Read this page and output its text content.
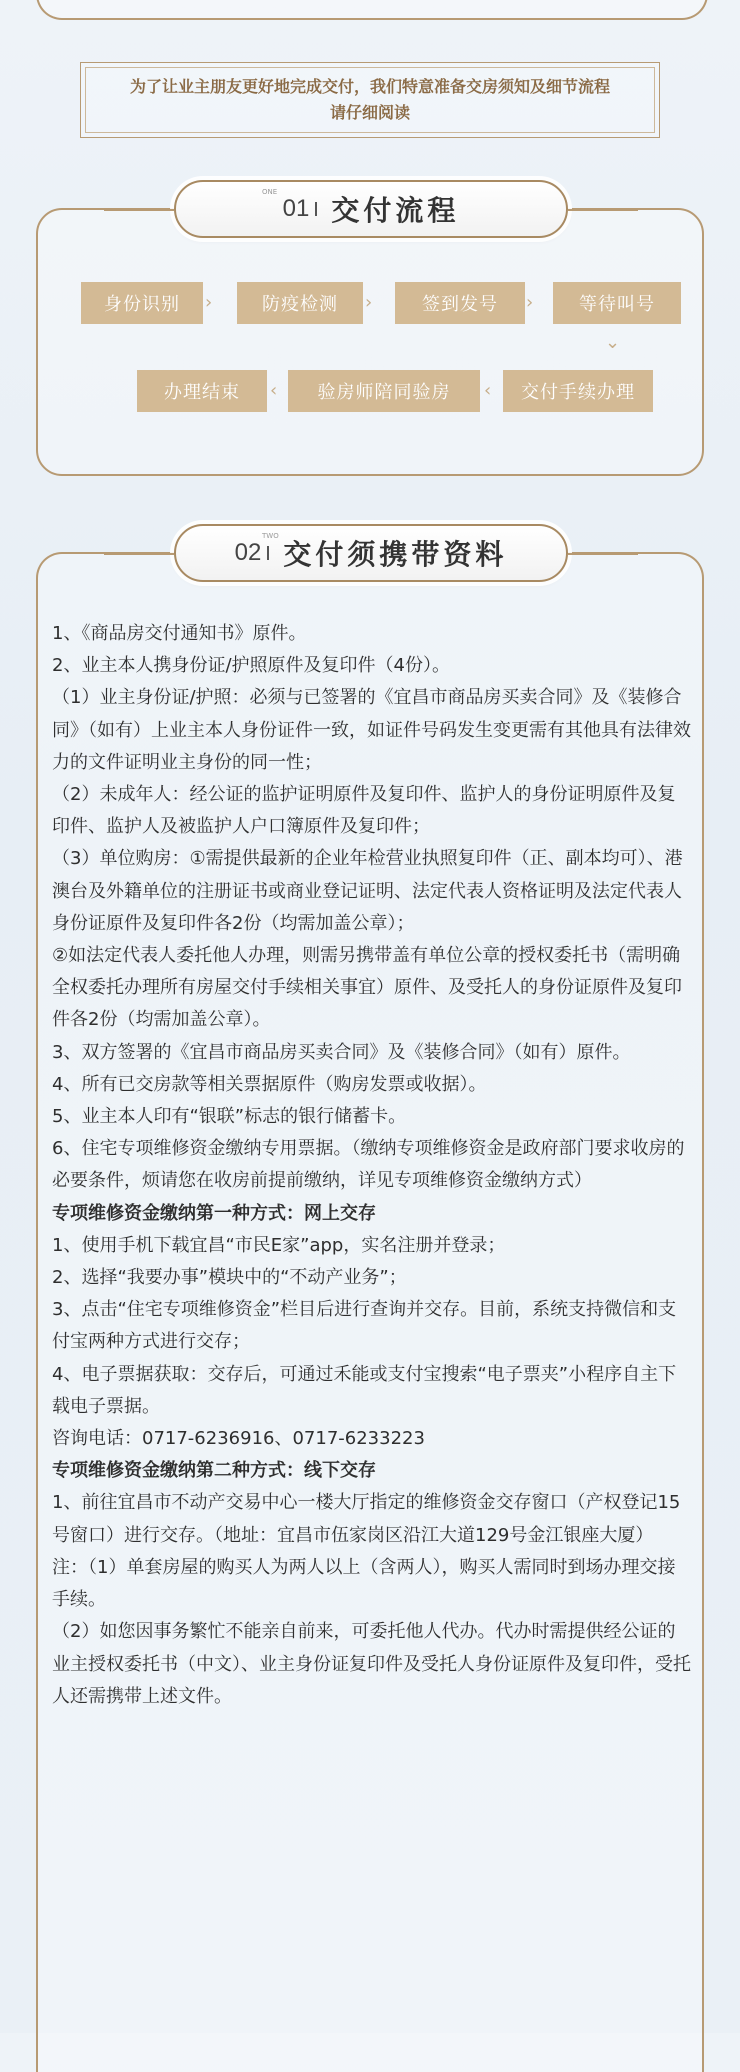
为了让业主朋友更好地完成交付，我们特意准备交房须知及细节流程
请仔细阅读
身份识别	›	防疫检测	›	签到发号	›	等待叫号
⌄
办理结束	‹	验房师陪同验房	‹	交付手续办理
ONE
01 交付流程
TWO
02 交付须携带资料

1、《商品房交付通知书》原件。

2、业主本人携身份证/护照原件及复印件（4份）。

（1）业主身份证/护照：必须与已签署的《宜昌市商品房买卖合同》及《装修合同》（如有）上业主本人身份证件一致，如证件号码发生变更需有其他具有法律效力的文件证明业主身份的同一性；

（2）未成年人：经公证的监护证明原件及复印件、监护人的身份证明原件及复印件、监护人及被监护人户口簿原件及复印件；

（3）单位购房：①需提供最新的企业年检营业执照复印件（正、副本均可）、港澳台及外籍单位的注册证书或商业登记证明、法定代表人资格证明及法定代表人身份证原件及复印件各2份（均需加盖公章）；

②如法定代表人委托他人办理，则需另携带盖有单位公章的授权委托书（需明确全权委托办理所有房屋交付手续相关事宜）原件、及受托人的身份证原件及复印件各2份（均需加盖公章）。

3、双方签署的《宜昌市商品房买卖合同》及《装修合同》（如有）原件。

4、所有已交房款等相关票据原件（购房发票或收据）。

5、业主本人印有“银联”标志的银行储蓄卡。

6、住宅专项维修资金缴纳专用票据。（缴纳专项维修资金是政府部门要求收房的必要条件，烦请您在收房前提前缴纳，详见专项维修资金缴纳方式）

专项维修资金缴纳第一种方式：网上交存

1、使用手机下载宜昌“市民E家”app，实名注册并登录；

2、选择“我要办事”模块中的“不动产业务”；

3、点击“住宅专项维修资金”栏目后进行查询并交存。目前，系统支持微信和支付宝两种方式进行交存；

4、电子票据获取：交存后，可通过禾能或支付宝搜索“电子票夹”小程序自主下载电子票据。

咨询电话：0717-6236916、0717-6233223

专项维修资金缴纳第二种方式：线下交存

1、前往宜昌市不动产交易中心一楼大厅指定的维修资金交存窗口（产权登记15号窗口）进行交存。（地址：宜昌市伍家岗区沿江大道129号金江银座大厦）

注：（1）单套房屋的购买人为两人以上（含两人），购买人需同时到场办理交接手续。

（2）如您因事务繁忙不能亲自前来，可委托他人代办。代办时需提供经公证的业主授权委托书（中文）、业主身份证复印件及受托人身份证原件及复印件，受托人还需携带上述文件。
